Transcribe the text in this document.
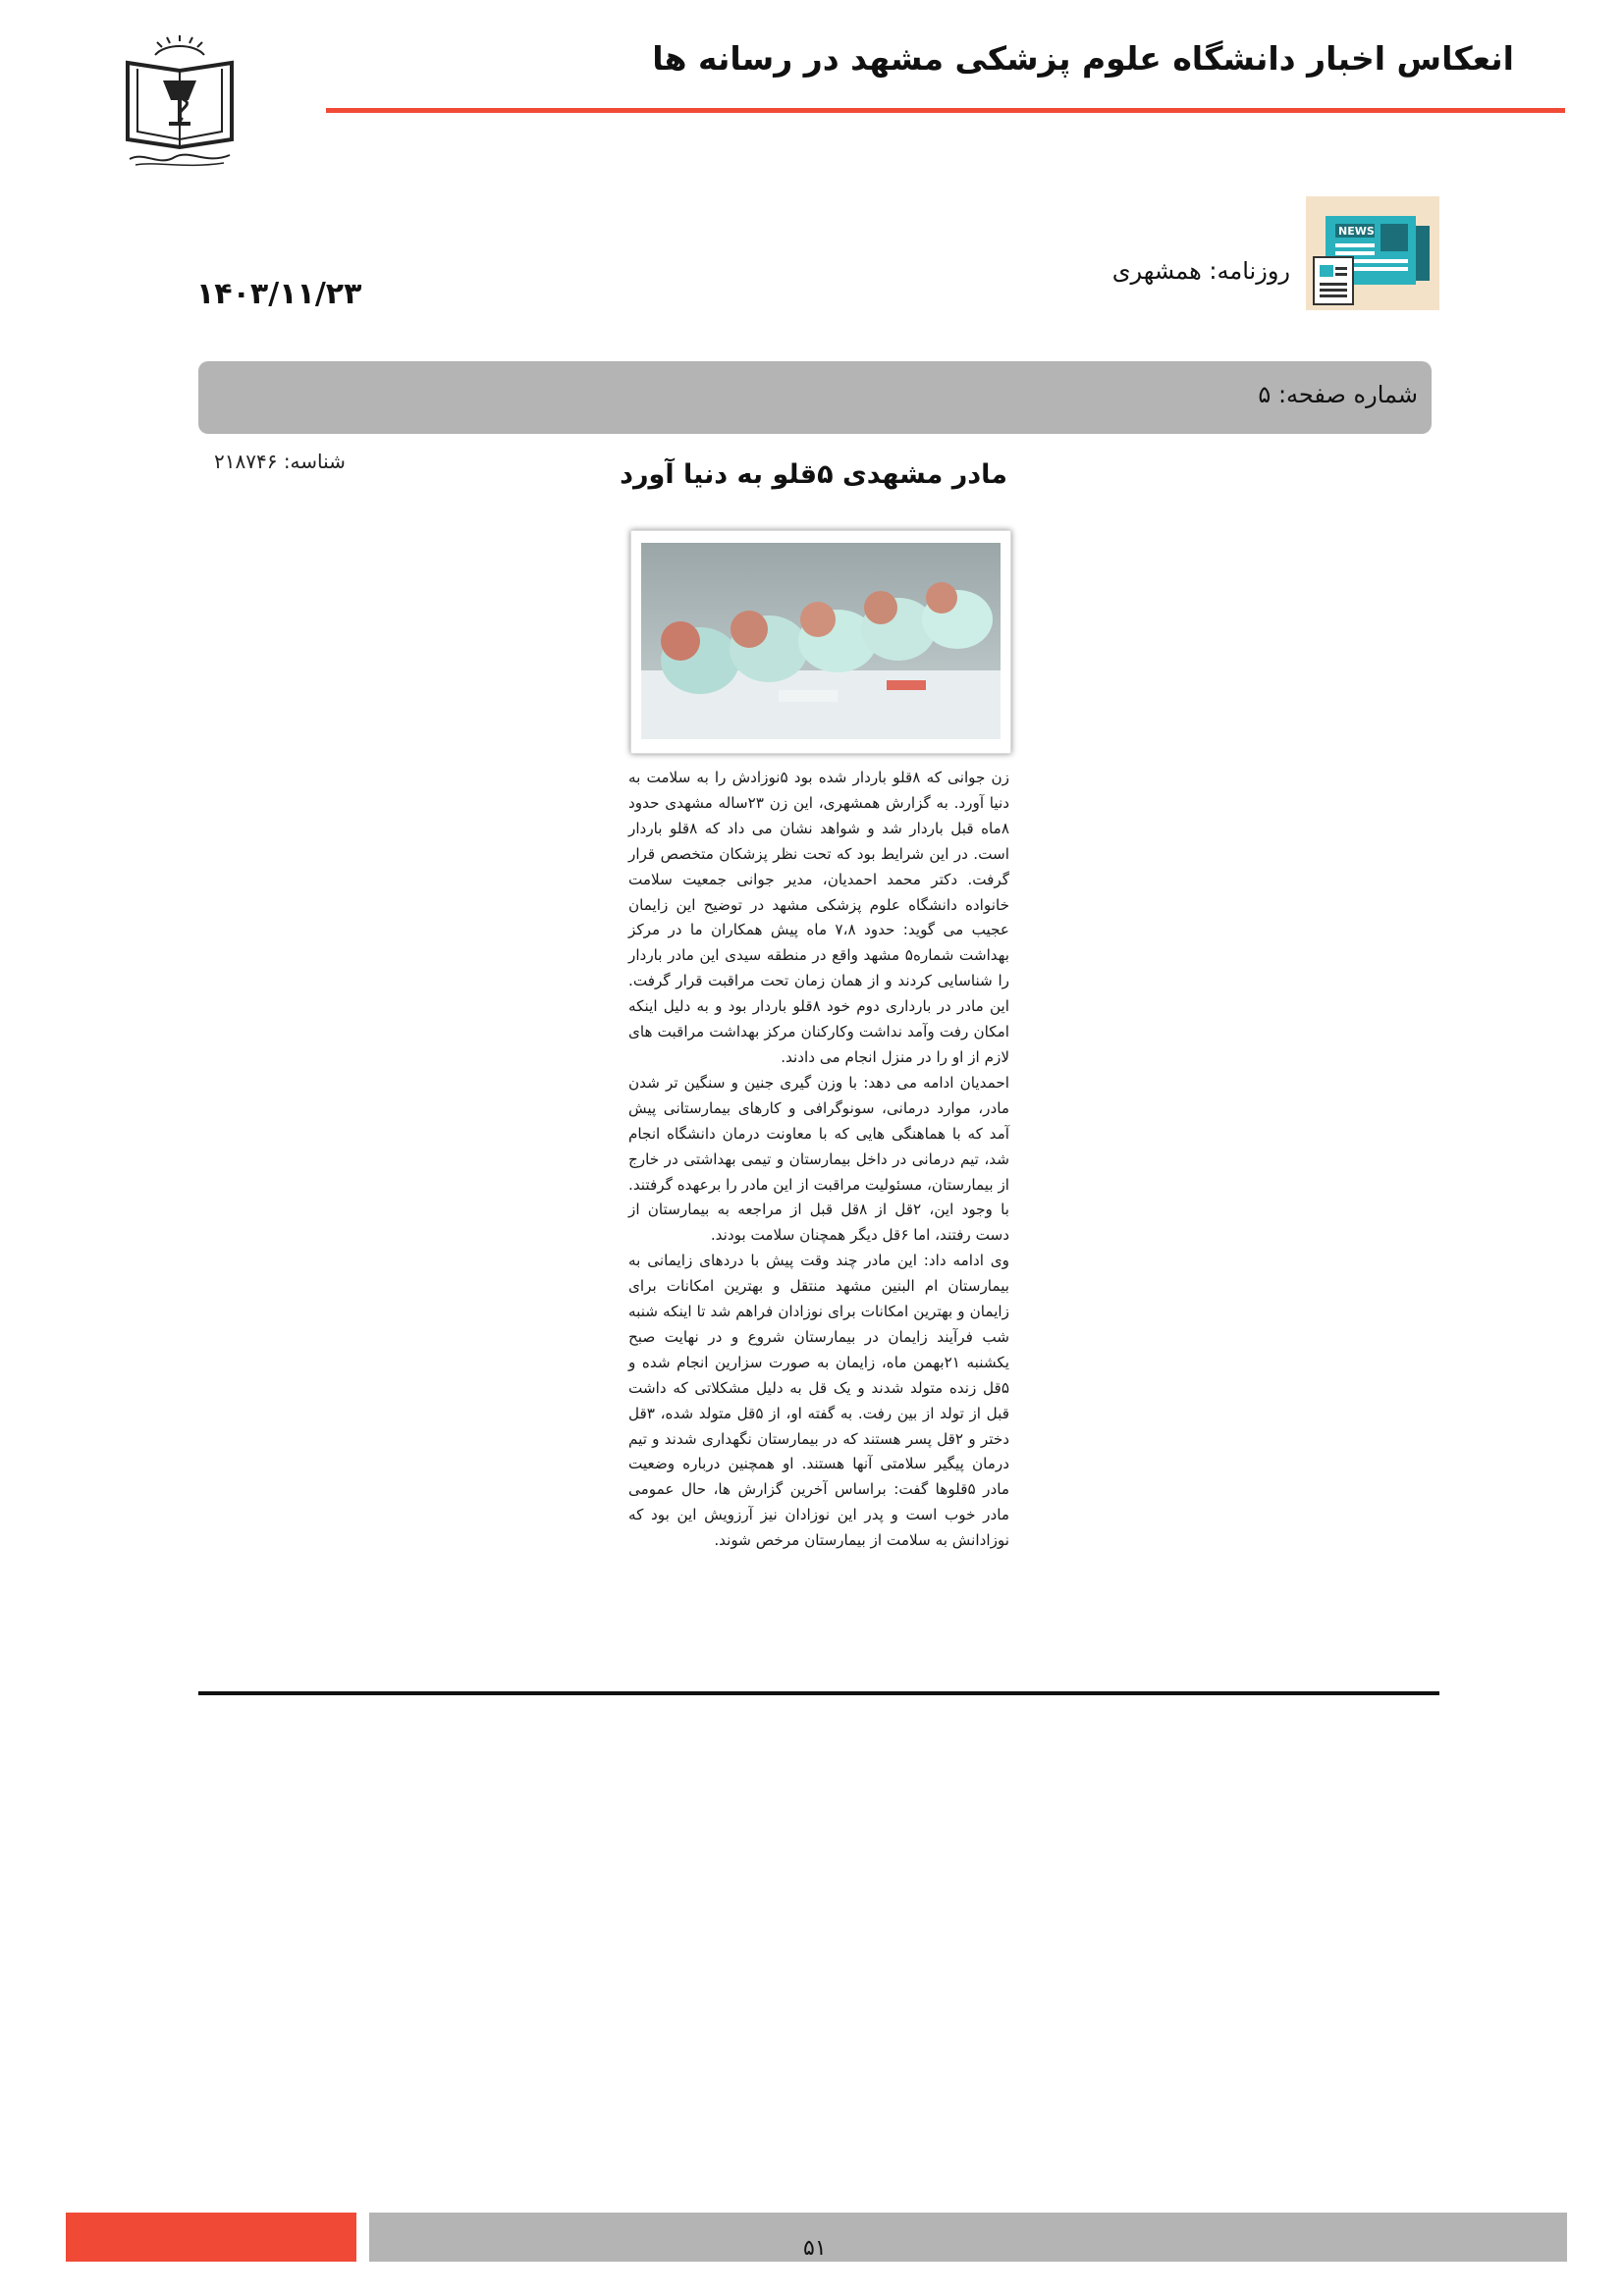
انعکاس اخبار دانشگاه علوم پزشکی مشهد در رسانه ها
NEWS
روزنامه: همشهری
۱۴۰۳/۱۱/۲۳
شماره صفحه: ۵
شناسه: ۲۱۸۷۴۶	مادر مشهدی ۵قلو به دنیا آورد

زن جوانی که ۸قلو باردار شده بود ۵نوزادش را به سلامت به دنیا آورد. به گزارش همشهری، این زن ۲۳ساله مشهدی حدود ۸ماه قبل باردار شد و شواهد نشان می داد که ۸قلو باردار است. در این شرایط بود که تحت نظر پزشکان متخصص قرار گرفت. دکتر محمد احمدیان، مدیر جوانی جمعیت سلامت خانواده دانشگاه علوم پزشکی مشهد در توضیح این زایمان عجیب می گوید: حدود ۷،۸ ماه پیش همکاران ما در مرکز بهداشت شماره۵ مشهد واقع در منطقه سیدی این مادر باردار را شناسایی کردند و از همان زمان تحت مراقبت قرار گرفت. این مادر در بارداری دوم خود ۸قلو باردار بود و به دلیل اینکه امکان رفت وآمد نداشت وکارکنان مرکز بهداشت مراقبت های لازم از او را در منزل انجام می دادند.

احمدیان ادامه می دهد: با وزن گیری جنین و سنگین تر شدن مادر، موارد درمانی، سونوگرافی و کارهای بیمارستانی پیش آمد که با هماهنگی هایی که با معاونت درمان دانشگاه انجام شد، تیم درمانی در داخل بیمارستان و تیمی بهداشتی در خارج از بیمارستان، مسئولیت مراقبت از این مادر را برعهده گرفتند. با وجود این، ۲قل از ۸قل قبل از مراجعه به بیمارستان از دست رفتند، اما ۶قل دیگر همچنان سلامت بودند.

وی ادامه داد: این مادر چند وقت پیش با دردهای زایمانی به بیمارستان ام البنین مشهد منتقل و بهترین امکانات برای زایمان و بهترین امکانات برای نوزادان فراهم شد تا اینکه شنبه شب فرآیند زایمان در بیمارستان شروع و در نهایت صبح یکشنبه ۲۱بهمن ماه، زایمان به صورت سزارین انجام شده و ۵قل زنده متولد شدند و یک قل به دلیل مشکلاتی که داشت قبل از تولد از بین رفت. به گفته او، از ۵قل متولد شده، ۳قل دختر و ۲قل پسر هستند که در بیمارستان نگهداری شدند و تیم درمان پیگیر سلامتی آنها هستند. او همچنین درباره وضعیت مادر ۵قلوها گفت: براساس آخرین گزارش ها، حال عمومی مادر خوب است و پدر این نوزادان نیز آرزویش این بود که نوزادانش به سلامت از بیمارستان مرخص شوند.

۵۱
